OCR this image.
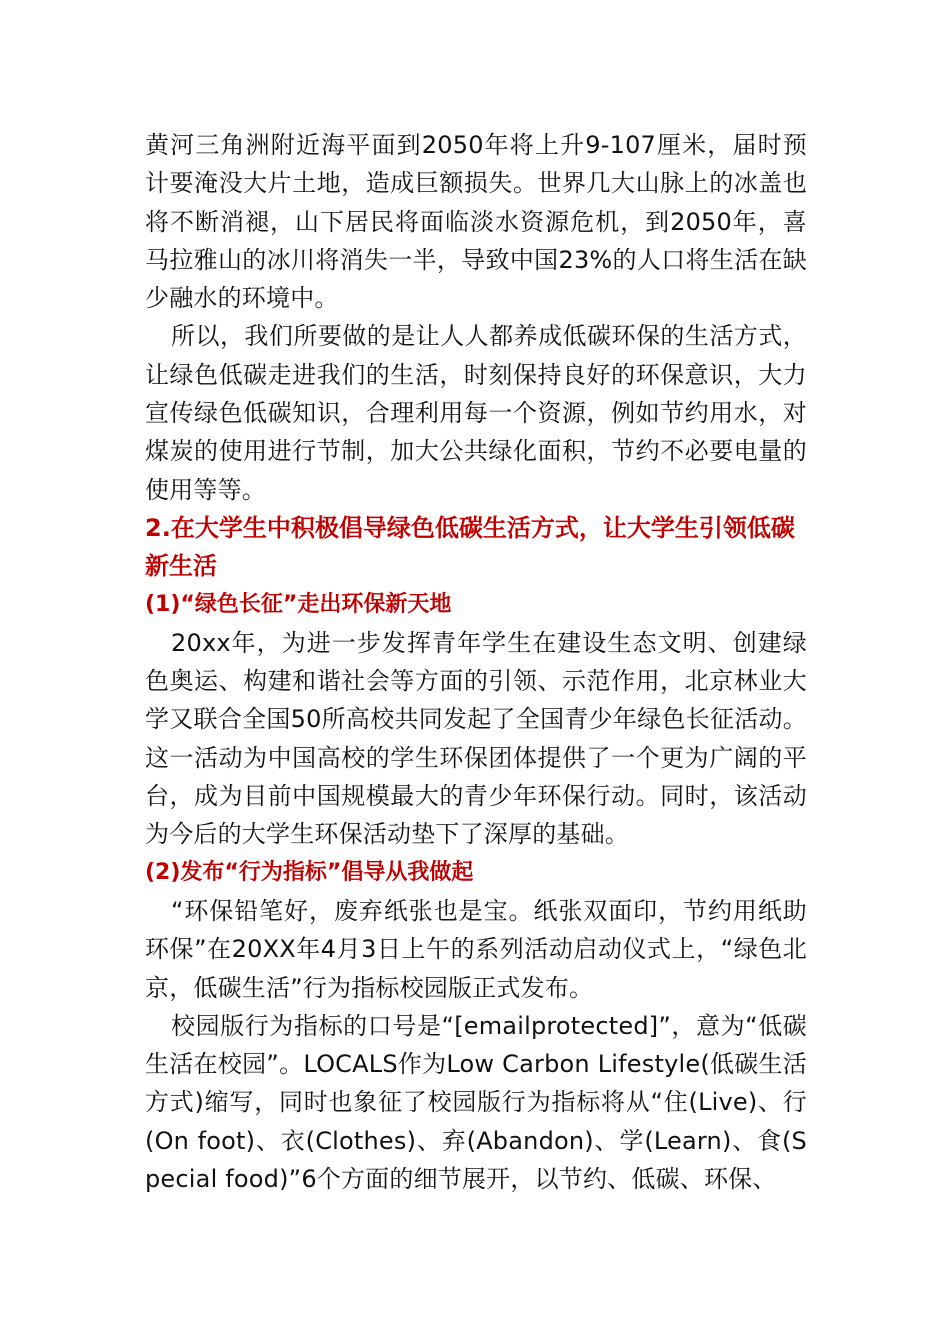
黄河三角洲附近海平面到2050年将上升9-107厘米，届时预计要淹没大片土地，造成巨额损失。世界几大山脉上的冰盖也将不断消褪，山下居民将面临淡水资源危机，到2050年，喜马拉雅山的冰川将消失一半，导致中国23%的人口将生活在缺少融水的环境中。

所以，我们所要做的是让人人都养成低碳环保的生活方式，让绿色低碳走进我们的生活，时刻保持良好的环保意识，大力宣传绿色低碳知识，合理利用每一个资源，例如节约用水，对煤炭的使用进行节制，加大公共绿化面积，节约不必要电量的使用等等。

2.在大学生中积极倡导绿色低碳生活方式，让大学生引领低碳新生活

(1)“绿色长征”走出环保新天地

20xx年，为进一步发挥青年学生在建设生态文明、创建绿色奥运、构建和谐社会等方面的引领、示范作用，北京林业大学又联合全国50所高校共同发起了全国青少年绿色长征活动。这一活动为中国高校的学生环保团体提供了一个更为广阔的平台，成为目前中国规模最大的青少年环保行动。同时，该活动为今后的大学生环保活动垫下了深厚的基础。

(2)发布“行为指标”倡导从我做起

“环保铅笔好，废弃纸张也是宝。纸张双面印，节约用纸助环保”在20XX年4月3日上午的系列活动启动仪式上，“绿色北京，低碳生活”行为指标校园版正式发布。

校园版行为指标的口号是“[emailprotected]”，意为“低碳生活在校园”。LOCALS作为Low Carbon Lifestyle(低碳生活方式)缩写，同时也象征了校园版行为指标将从“住(Live)、行(On foot)、衣(Clothes)、弃(Abandon)、学(Learn)、食(Special food)”6个方面的细节展开，以节约、低碳、环保、
